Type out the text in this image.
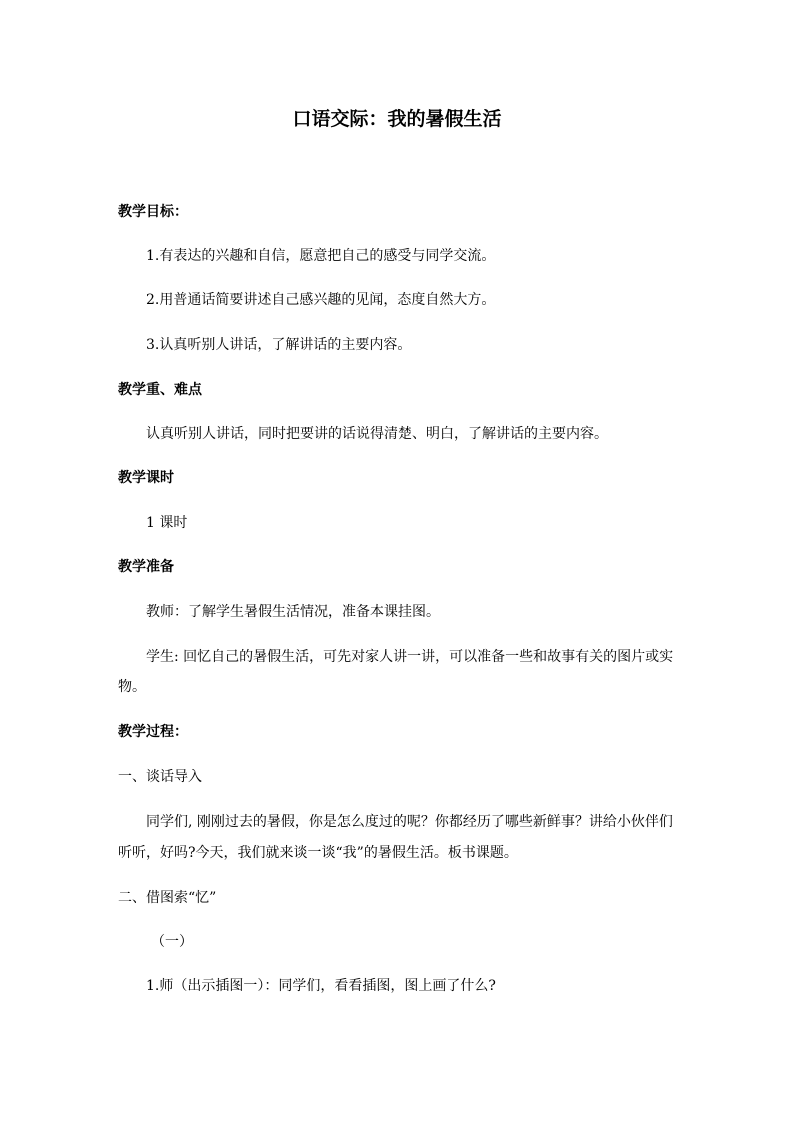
口语交际：我的暑假生活
教学目标：
1.有表达的兴趣和自信，愿意把自己的感受与同学交流。
2.用普通话简要讲述自己感兴趣的见闻，态度自然大方。
3.认真听别人讲话，了解讲话的主要内容。
教学重、难点
认真听别人讲话，同时把要讲的话说得清楚、明白，了解讲话的主要内容。
教学课时
1 课时
教学准备
教师：了解学生暑假生活情况，准备本课挂图。
学生: 回忆自己的暑假生活，可先对家人讲一讲，可以准备一些和故事有关的图片或实
物。
教学过程：
一、谈话导入
同学们, 刚刚过去的暑假，你是怎么度过的呢？你都经历了哪些新鲜事？讲给小伙伴们
听听，好吗?今天，我们就来谈一谈“我”的暑假生活。板书课题。
二、借图索“忆”
（一）
1.师（出示插图一）：同学们，看看插图，图上画了什么?
